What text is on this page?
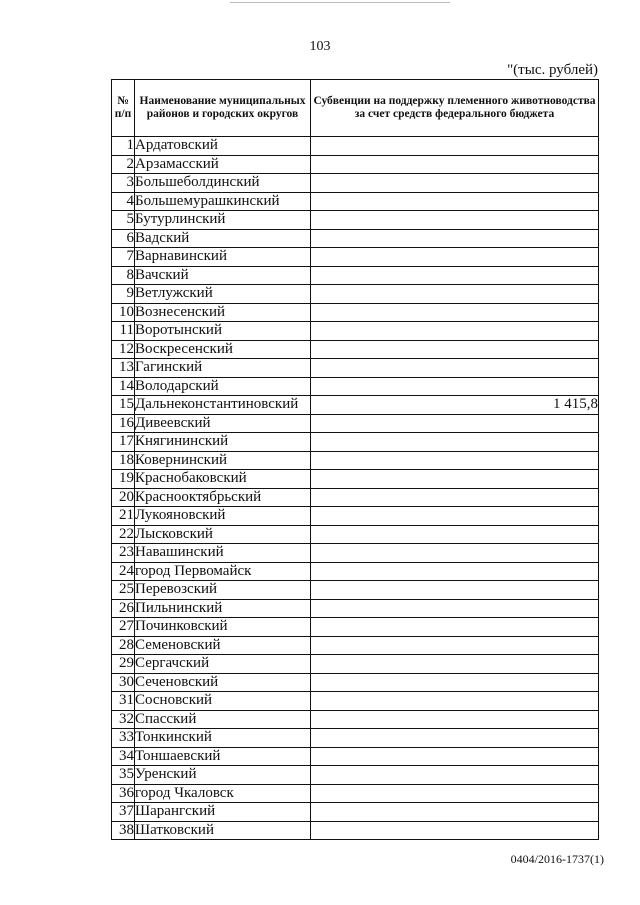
103
"(тыс. рублей)
№ п/п	Наименование муниципальных районов и городских округов	Субвенции на поддержку племенного животноводства за счет средств федерального бюджета
1	Ардатовский	
2	Арзамасский	
3	Большеболдинский	
4	Большемурашкинский	
5	Бутурлинский	
6	Вадский	
7	Варнавинский	
8	Вачский	
9	Ветлужский	
10	Вознесенский	
11	Воротынский	
12	Воскресенский	
13	Гагинский	
14	Володарский	
15	Дальнеконстантиновский	1 415,8
16	Дивеевский	
17	Княгининский	
18	Ковернинский	
19	Краснобаковский	
20	Краснооктябрьский	
21	Лукояновский	
22	Лысковский	
23	Навашинский	
24	город Первомайск	
25	Перевозский	
26	Пильнинский	
27	Починковский	
28	Семеновский	
29	Сергачский	
30	Сеченовский	
31	Сосновский	
32	Спасский	
33	Тонкинский	
34	Тоншаевский	
35	Уренский	
36	город Чкаловск	
37	Шарангский	
38	Шатковский	
0404/2016-1737(1)
